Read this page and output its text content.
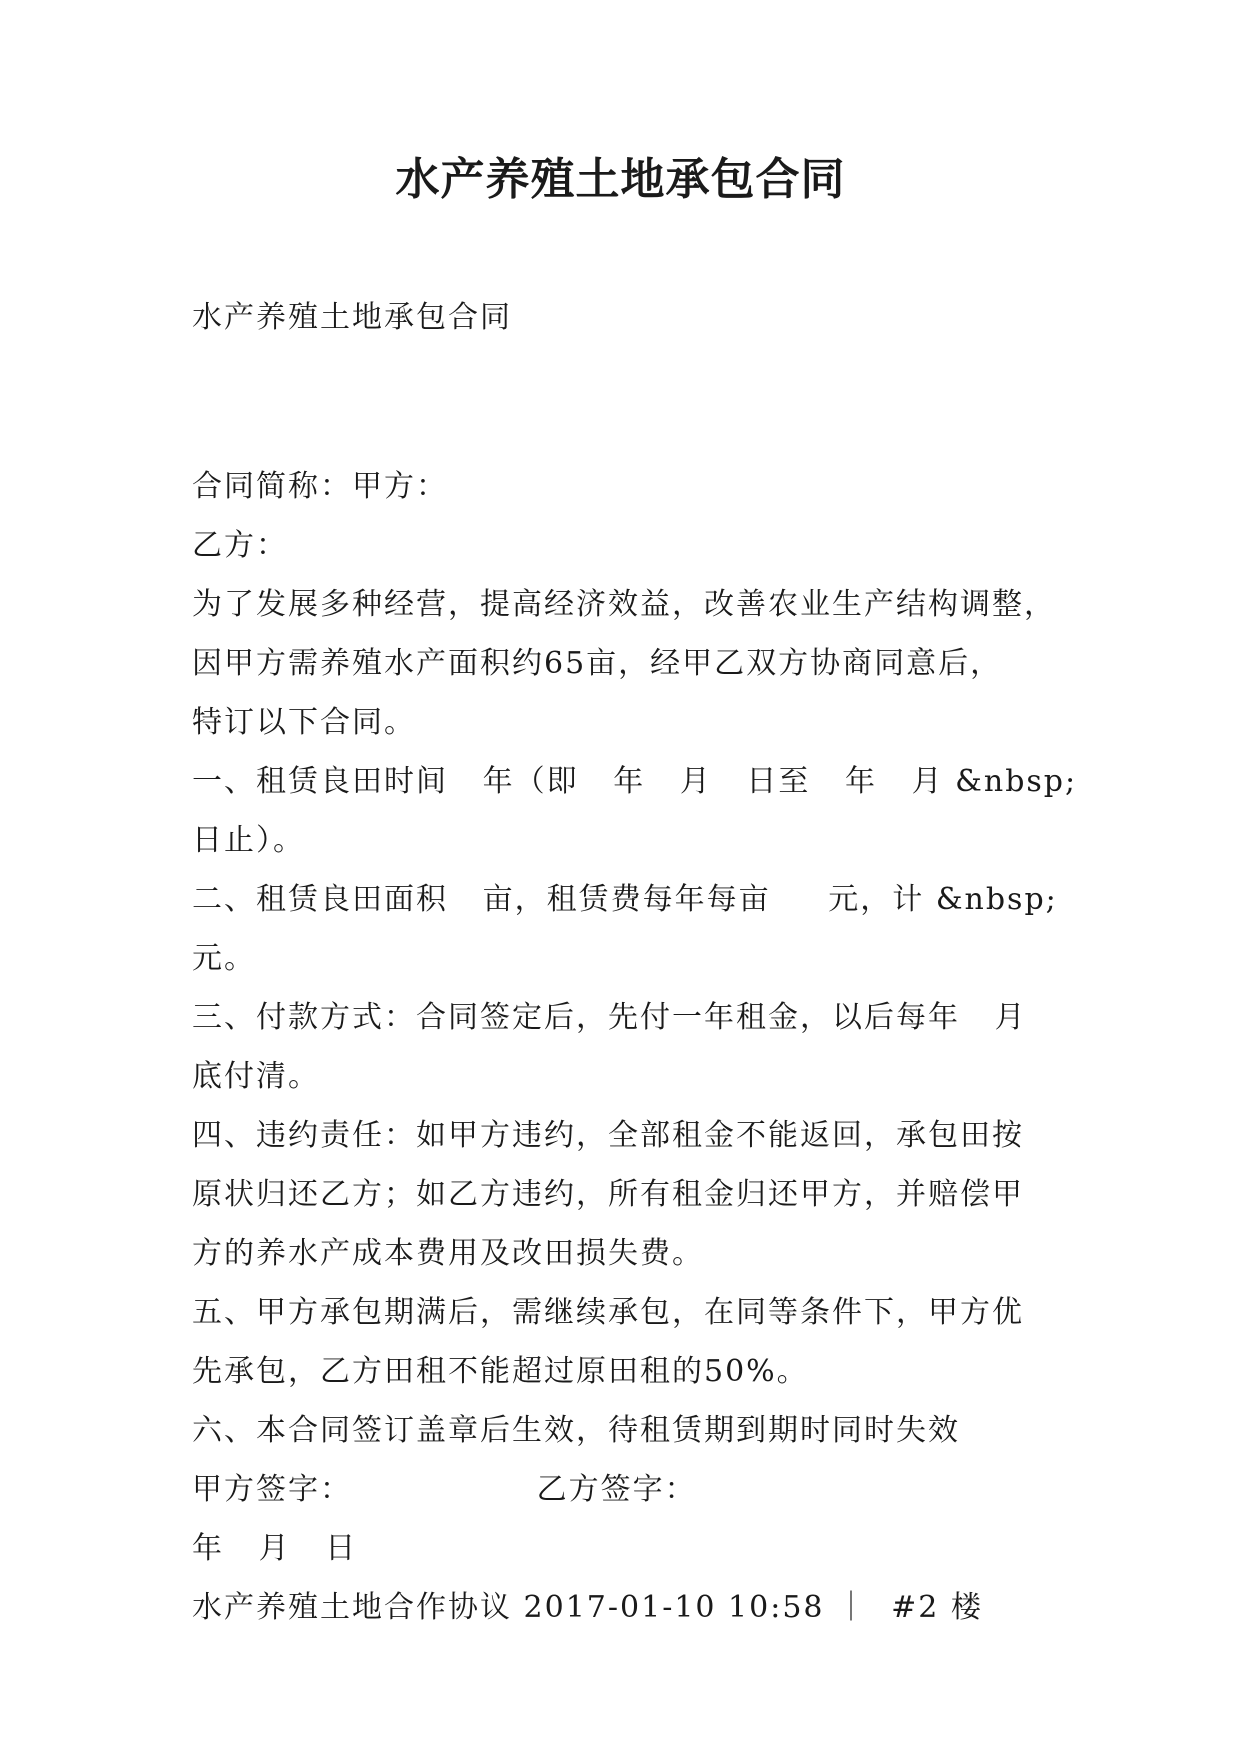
水产养殖土地承包合同
水产养殖土地承包合同
合同简称：甲方：
乙方：
为了发展多种经营，提高经济效益，改善农业生产结构调整，
因甲方需养殖水产面积约65亩，经甲乙双方协商同意后，
特订以下合同。
一、租赁良田时间   年（即   年   月   日至   年   月 &nbsp;
日止）。
二、租赁良田面积   亩，租赁费每年每亩     元，计 &nbsp;
元。
三、付款方式：合同签定后，先付一年租金，以后每年   月
底付清。
四、违约责任：如甲方违约，全部租金不能返回，承包田按
原状归还乙方；如乙方违约，所有租金归还甲方，并赔偿甲
方的养水产成本费用及改田损失费。
五、甲方承包期满后，需继续承包，在同等条件下，甲方优
先承包，乙方田租不能超过原田租的50%。
六、本合同签订盖章后生效，待租赁期到期时同时失效
甲方签字：                乙方签字：
年   月   日
水产养殖土地合作协议 2017-01-10 10:58 ｜  #2 楼
